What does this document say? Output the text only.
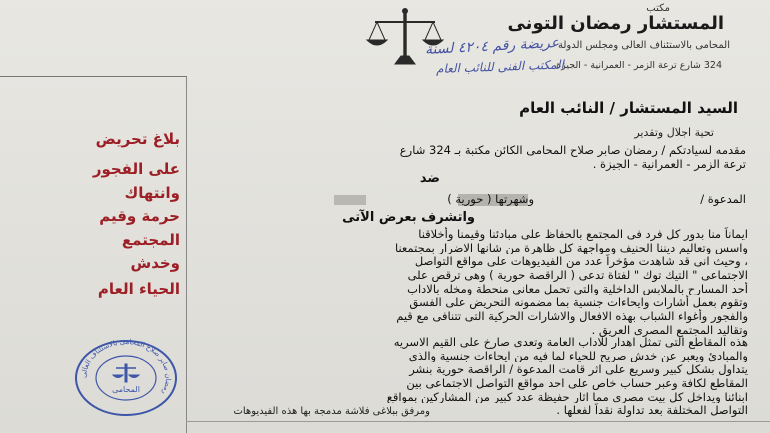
مكتب
المستشار رمضان التونى
المحامى بالاستئناف العالى ومجلس الدولة
324 شارع ترعة الزمر - العمرانية - الجيزة
عريضة رقم ٤٢٠٤ لسنة
المكتب الفنى للنائب العام
بلاغ تحريض
على الفجور
وانتهاك
حرمة وقيم
المجتمع
وخدش
الحياء العام
رمضان صابر صلاح المحامى بالاستئناف العالى
المحامى
السيد المستشار / النائب العام
تحية اجلال وتقدير
مقدمه لسيادتكم / رمضان صابر صلاح المحامى الكائن مكتبة بـ 324 شارع
ترعة الزمر - العمرانية - الجيزة .
ضد
المدعوة /
وشهرتها ( حورية )
واتشرف بعرض الآتى
ايماناً منا بدور كل فرد فى المجتمع بالحفاظ على مبادئنا وقيمنا وأخلاقنا
واسس وتعاليم ديننا الحنيف ومواجهة كل ظاهرة من شانها الاضرار بمجتمعنا
، وحيث انى قد شاهدت مؤخراً عدد من الفيديوهات على مواقع التواصل
الاجتماعى " التيك توك " لفتاة تدعى ( الراقصة حورية ) وهى ترقص على
أحد المسارح بالملابس الداخلية والتى تحمل معانى منحطة ومخله بالاداب
وتقوم بعمل أشارات وايحاءات جنسية بما مضمونه التحريض على الفسق
والفجور وأغواء الشباب بهذه الافعال والاشارات الحركية التى تتنافى مع قيم
وتقاليد المجتمع المصرى العريق .
هذه المقاطع التى تمثل اهدار للاداب العامة وتعدى صارخ على القيم الاسريه
والمبادئ ويعبر عن خدش صريح للحياء لما فيه من ايحاءات جنسية والذى
يتداول بشكل كبير وسريع على اثر قامت المدعوة / الراقصة حورية بنشر
المقاطع لكافة وعبر حساب خاص على احد مواقع التواصل الاجتماعى بين
ابنائنا ويداخل كل بيت مصرى مما اثار حفيظة عدد كبير من المشاركين بمواقع
التواصل المختلفة بعد تداولة نقداً لفعلها .
ومرفق ببلاغى فلاشة مدمجة بها هذه الفيديوهات
